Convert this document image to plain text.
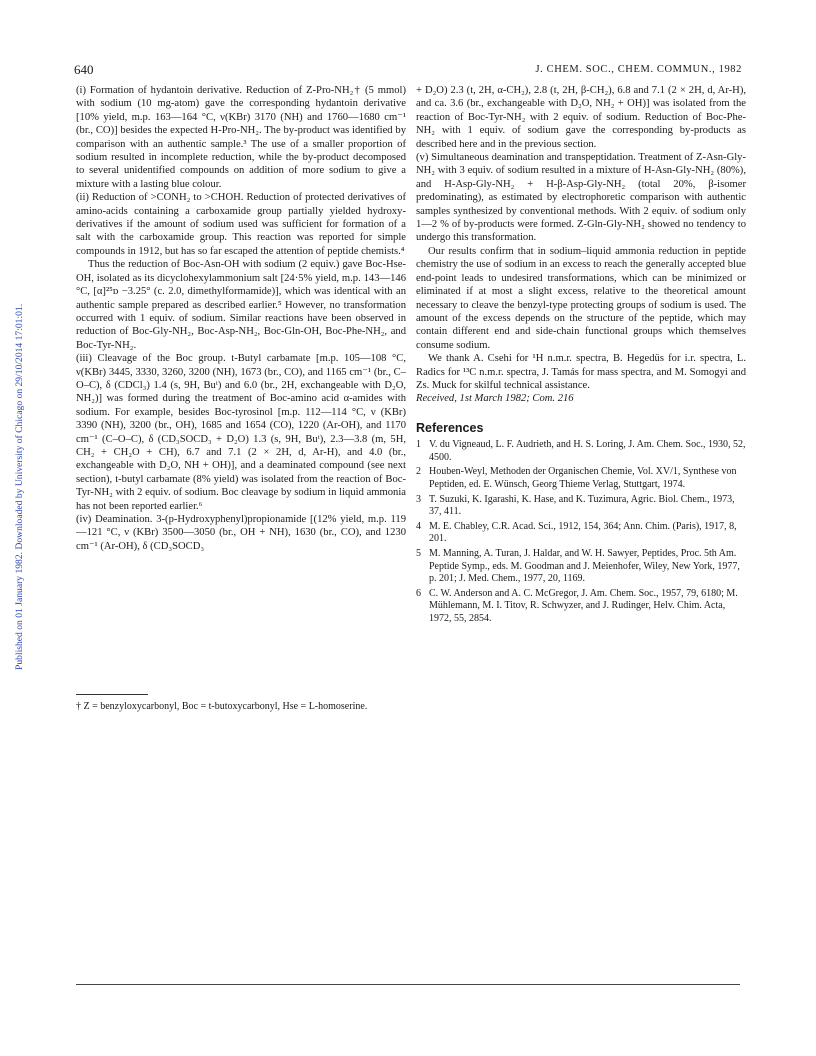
640	J. CHEM. SOC., CHEM. COMMUN., 1982
Published on 01 January 1982. Downloaded by University of Chicago on 29/10/2014 17:01:01.

(i) Formation of hydantoin derivative. Reduction of Z-Pro-NH₂† (5 mmol) with sodium (10 mg-atom) gave the corresponding hydantoin derivative [10% yield, m.p. 163—164 °C, ν(KBr) 3170 (NH) and 1760—1680 cm⁻¹ (br., CO)] besides the expected H-Pro-NH₂. The by-product was identified by comparison with an authentic sample.³ The use of a smaller proportion of sodium resulted in incomplete reduction, while the by-product decomposed to several unidentified compounds on addition of more sodium to give a mixture with a lasting blue colour.

(ii) Reduction of >CONH₂ to >CHOH. Reduction of protected derivatives of amino-acids containing a carboxamide group partially yielded hydroxy-derivatives if the amount of sodium used was sufficient for formation of a salt with the carboxamide group. This reaction was reported for simple compounds in 1912, but has so far escaped the attention of peptide chemists.⁴

Thus the reduction of Boc-Asn-OH with sodium (2 equiv.) gave Boc-Hse-OH, isolated as its dicyclohexylammonium salt [24·5% yield, m.p. 143—146 °C, [α]²⁵ᴅ −3.25° (c. 2.0, dimethylformamide)], which was identical with an authentic sample prepared as described earlier.⁵ However, no transformation occurred with 1 equiv. of sodium. Similar reactions have been observed in reduction of Boc-Gly-NH₂, Boc-Asp-NH₂, Boc-Gln-OH, Boc-Phe-NH₂, and Boc-Tyr-NH₂.

(iii) Cleavage of the Boc group. t-Butyl carbamate [m.p. 105—108 °C, ν(KBr) 3445, 3330, 3260, 3200 (NH), 1673 (br., CO), and 1165 cm⁻¹ (br., C–O–C), δ (CDCl₃) 1.4 (s, 9H, Buᵗ) and 6.0 (br., 2H, exchangeable with D₂O, NH₂)] was formed during the treatment of Boc-amino acid α-amides with sodium. For example, besides Boc-tyrosinol [m.p. 112—114 °C, ν (KBr) 3390 (NH), 3200 (br., OH), 1685 and 1654 (CO), 1220 (Ar-OH), and 1170 cm⁻¹ (C–O–C), δ (CD₃SOCD₃ + D₂O) 1.3 (s, 9H, Buᵗ), 2.3—3.8 (m, 5H, CH₂ + CH₂O + CH), 6.7 and 7.1 (2 × 2H, d, Ar-H), and 4.0 (br., exchangeable with D₂O, NH + OH)], and a deaminated compound (see next section), t-butyl carbamate (8% yield) was isolated from the reaction of Boc-Tyr-NH₂ with 2 equiv. of sodium. Boc cleavage by sodium in liquid ammonia has not been reported earlier.⁶

(iv) Deamination. 3-(p-Hydroxyphenyl)propionamide [(12% yield, m.p. 119—121 °C, ν (KBr) 3500—3050 (br., OH + NH), 1630 (br., CO), and 1230 cm⁻¹ (Ar-OH), δ (CD₃SOCD₃

† Z = benzyloxycarbonyl, Boc = t-butoxycarbonyl, Hse = L-homoserine.

+ D₂O) 2.3 (t, 2H, α-CH₂), 2.8 (t, 2H, β-CH₂), 6.8 and 7.1 (2 × 2H, d, Ar-H), and ca. 3.6 (br., exchangeable with D₂O, NH₂ + OH)] was isolated from the reaction of Boc-Tyr-NH₂ with 2 equiv. of sodium. Reduction of Boc-Phe-NH₂ with 1 equiv. of sodium gave the corresponding by-products as described here and in the previous section.

(v) Simultaneous deamination and transpeptidation. Treatment of Z-Asn-Gly-NH₂ with 3 equiv. of sodium resulted in a mixture of H-Asn-Gly-NH₂ (80%), and H-Asp-Gly-NH₂ + H-β-Asp-Gly-NH₂ (total 20%, β-isomer predominating), as estimated by electrophoretic comparison with authentic samples synthesized by conventional methods. With 2 equiv. of sodium only 1—2 % of by-products were formed. Z-Gln-Gly-NH₂ showed no tendency to undergo this transformation.

Our results confirm that in sodium–liquid ammonia reduction in peptide chemistry the use of sodium in an excess to reach the generally accepted blue end-point leads to undesired transformations, which can be minimized or eliminated if at most a slight excess, relative to the theoretical amount necessary to cleave the benzyl-type protecting groups of sodium is used. The amount of the excess depends on the structure of the peptide, which may contain different end and side-chain functional groups which themselves consume sodium.

We thank A. Csehi for ¹H n.m.r. spectra, B. Hegedüs for i.r. spectra, L. Radics for ¹³C n.m.r. spectra, J. Tamás for mass spectra, and M. Somogyi and Zs. Muck for skilful technical assistance.

Received, 1st March 1982; Com. 216

References
1 V. du Vigneaud, L. F. Audrieth, and H. S. Loring, J. Am. Chem. Soc., 1930, 52, 4500.
2 Houben-Weyl, Methoden der Organischen Chemie, Vol. XV/1, Synthese von Peptiden, ed. E. Wünsch, Georg Thieme Verlag, Stuttgart, 1974.
3 T. Suzuki, K. Igarashi, K. Hase, and K. Tuzimura, Agric. Biol. Chem., 1973, 37, 411.
4 M. E. Chabley, C.R. Acad. Sci., 1912, 154, 364; Ann. Chim. (Paris), 1917, 8, 201.
5 M. Manning, A. Turan, J. Haldar, and W. H. Sawyer, Peptides, Proc. 5th Am. Peptide Symp., eds. M. Goodman and J. Meienhofer, Wiley, New York, 1977, p. 201; J. Med. Chem., 1977, 20, 1169.
6 C. W. Anderson and A. C. McGregor, J. Am. Chem. Soc., 1957, 79, 6180; M. Mühlemann, M. I. Titov, R. Schwyzer, and J. Rudinger, Helv. Chim. Acta, 1972, 55, 2854.
